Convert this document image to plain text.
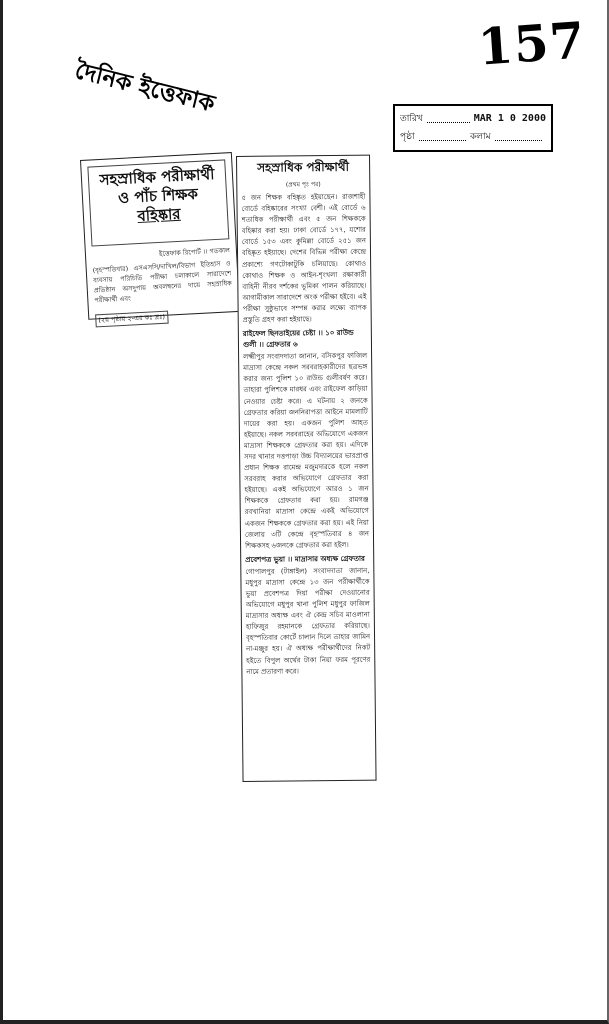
157
দৈনিক ইত্তেফাক
তারিখ	MAR 1 0 2000
পৃষ্ঠা	কলাম
সহস্রাধিক পরীক্ষার্থী
ও পাঁচ শিক্ষক
বহিষ্কার
ইত্তেফাক রিপোর্ট ।। গতকাল
(বৃহস্পতিবার) এসএসসি/দাখিল/বিভাগ ইতিহাস ও ব্যবসায় পরিচিতি পরীক্ষা চলাকালে সারাদেশে প্রতিষ্ঠান অসদুপায় অবলম্বনের দায়ে সহস্রাধিক পরীক্ষার্থী এবং
(২য় পৃষ্ঠায় ২-এর কঃ দ্রঃ)
সহস্রাধিক পরীক্ষার্থী
(প্রথম পৃঃ পর)
৫ জন শিক্ষক বহিষ্কৃত হইয়াছেন। রাজশাহী বোর্ডে বহিষ্কারের সংখ্যা বেশী। এই বোর্ডে ৬ শতাধিক পরীক্ষার্থী এবং ৫ জন শিক্ষককে বহিষ্কার করা হয়। ঢাকা বোর্ডে ১৭৭, যশোর বোর্ডে ১৫৩ এবং কুমিল্লা বোর্ডে ২৫১ জন বহিষ্কৃত হইয়াছে। দেশের বিভিন্ন পরীক্ষা কেন্দ্রে প্রকাশ্যে গণটোকাটুকি চলিয়াছে। কোথাও কোথাও শিক্ষক ও আইন-শৃংখলা রক্ষাকারী বাহিনী নীরব দর্শকের ভূমিকা পালন করিয়াছে। আগামীকাল সারাদেশে অংক পরীক্ষা হইবে। এই পরীক্ষা সুষ্ঠুভাবে সম্পন্ন করার লক্ষ্যে ব্যাপক প্রস্তুতি গ্রহণ করা হইয়াছে।
রাইফেল ছিনতাইয়ের চেষ্টা ।। ১০ রাউন্ড গুলী ।। গ্রেফতার ৬
লক্ষ্মীপুর সংবাদদাতা জানান, বসিকপুর ফাজিল মাদ্রাসা কেন্দ্রে নকল সরবরাহকারীদের ছত্রভঙ্গ করার জন্য পুলিশ ১০ রাউন্ড গুলীবর্ষণ করে। তাহারা পুলিশকে মারধর এবং রাইফেল কাড়িয়া নেওয়ার চেষ্টা করে। এ ঘটনায় ২ জনকে গ্রেফতার করিয়া জননিরাপত্তা আইনে মামলাটি দায়ের করা হয়। একজন পুলিশ আহত হইয়াছে। নকল সরবরাহের অভিযোগে একজন মাদ্রাসা শিক্ষককে গ্রেফতার করা হয়। এদিকে সদর থানার দত্তপাড়া উচ্চ বিদ্যালয়ের ভারপ্রাপ্ত প্রধান শিক্ষক রামেন্দ্র মজুমদারকে হলে নকল সরবরাহ করার অভিযোগে গ্রেফতার করা হইয়াছে। একই অভিযোগে আরও ১ জন শিক্ষককে গ্রেফতার করা হয়। রামগঞ্জ রবখানিয়া মাদ্রাসা কেন্দ্রে একই অভিযোগে একজন শিক্ষককে গ্রেফতার করা হয়। এই নিয়া জেলায় ৩টি কেন্দ্রে বৃহস্পতিবার ৪ জন শিক্ষকসহ ৬জনকে গ্রেফতার করা হইল।
প্রবেশপত্র ভুয়া ।। মাদ্রাসার অধ্যক্ষ গ্রেফতার
গোপালপুর (টাঙ্গাইল) সংবাদদাতা জানান, মধুপুর মাদ্রাসা কেন্দ্রে ১৩ জন পরীক্ষার্থীকে ভুয়া প্রবেশপত্র দিয়া পরীক্ষা দেওয়ানোর অভিযোগে মধুপুর থানা পুলিশ মধুপুর ফাজিল মাদ্রাসার অধ্যক্ষ এবং ঐ কেন্দ্র সচিব মাওলানা হাফিজুর রহমানকে গ্রেফতার করিয়াছে। বৃহস্পতিবার কোর্টে চালান দিলে তাহার জামিন না-মঞ্জুর হয়। ঐ অধ্যক্ষ পরীক্ষার্থীদের নিকট হইতে বিপুল অর্থের টাকা নিয়া ফরম পূরণের নামে প্রতারণা করে।
